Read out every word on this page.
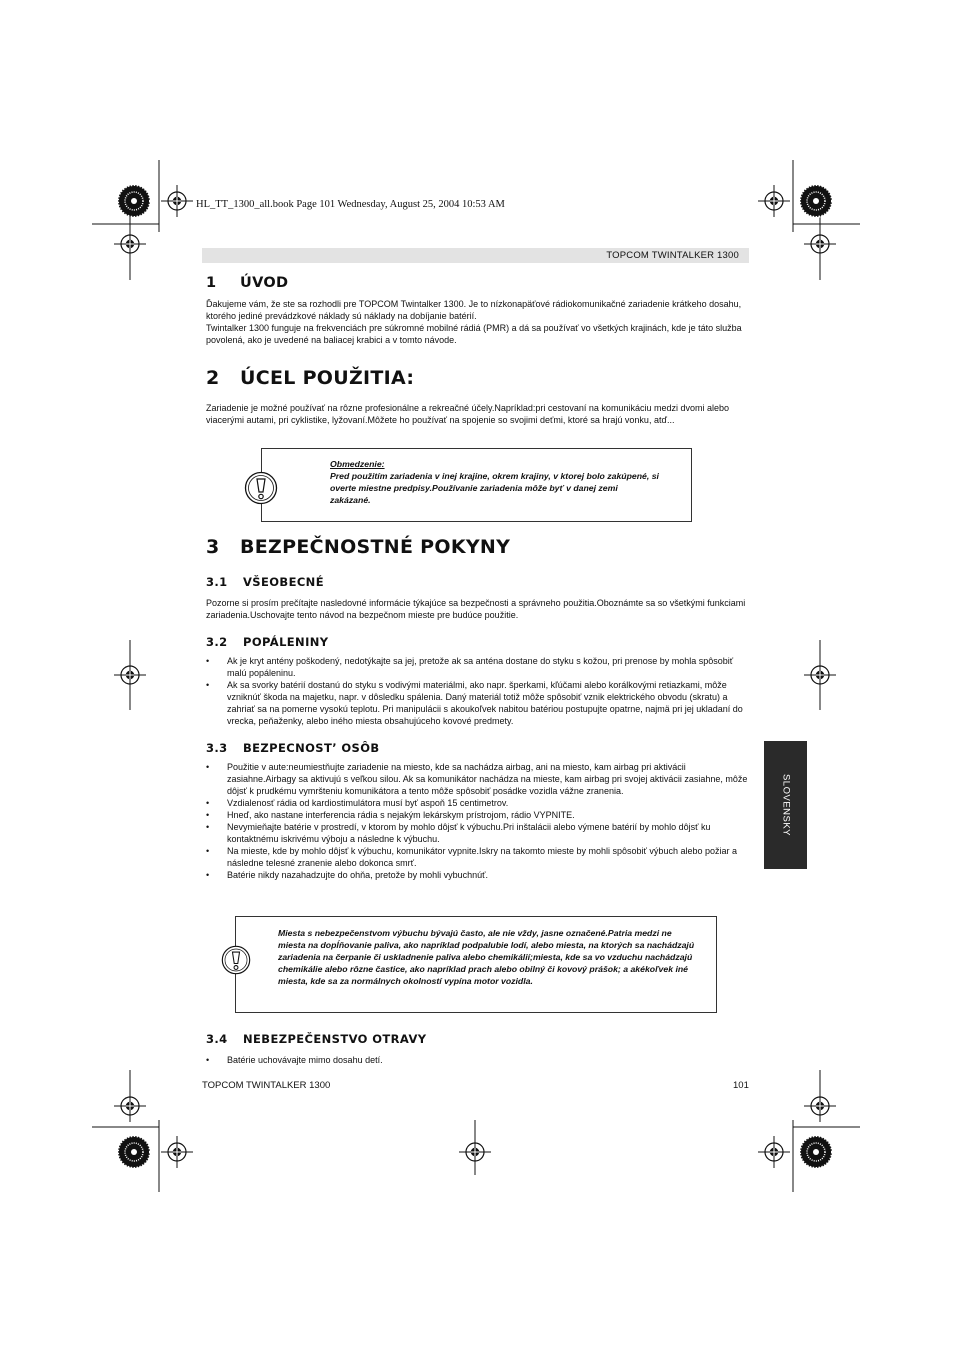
HL_TT_1300_all.book Page 101 Wednesday, August 25, 2004 10:53 AM
TOPCOM TWINTALKER 1300
SLOVENSKY
1 ÚVOD

Ďakujeme vám, že ste sa rozhodli pre TOPCOM Twintalker 1300. Je to nízkonapäťové rádiokomunikačné zariadenie krátkeho dosahu, ktorého jediné prevádzkové náklady sú náklady na dobíjanie batérií.

Twintalker 1300 funguje na frekvenciách pre súkromné mobilné rádiá (PMR) a dá sa používať vo všetkých krajinách, kde je táto služba povolená, ako je uvedené na baliacej krabici a v tomto návode.

2 ÚCEL POUŽITIA:

Zariadenie je možné používať na rôzne profesionálne a rekreačné účely.Napríklad:pri cestovaní na komunikáciu medzi dvomi alebo viacerými autami, pri cyklistike, lyžovaní.Môžete ho používať na spojenie so svojimi deťmi, ktoré sa hrajú vonku, atď...

Obmedzenie:
Pred použitím zariadenia v inej krajine, okrem krajiny, v ktorej bolo zakúpené, si overte miestne predpisy.Používanie zariadenia môže byť v danej zemi zakázané.
3 BEZPEČNOSTNÉ POKYNY
3.1 VŠEOBECNÉ

Pozorne si prosím prečítajte nasledovné informácie týkajúce sa bezpečnosti a správneho použitia.Oboznámte sa so všetkými funkciami zariadenia.Uschovajte tento návod na bezpečnom mieste pre budúce použitie.

3.2 POPÁLENINY
• Ak je kryt antény poškodený, nedotýkajte sa jej, pretože ak sa anténa dostane do styku s kožou, pri prenose by mohla spôsobiť malú popáleninu.
• Ak sa svorky batérií dostanú do styku s vodivými materiálmi, ako napr. šperkami, kľúčami alebo korálkovými retiazkami, môže vzniknúť škoda na majetku, napr. v dôsledku spálenia. Daný materiál totiž môže spôsobiť vznik elektrického obvodu (skratu) a zahriať sa na pomerne vysokú teplotu. Pri manipulácii s akoukoľvek nabitou batériou postupujte opatrne, najmä pri jej ukladaní do vrecka, peňaženky, alebo iného miesta obsahujúceho kovové predmety.
3.3 BEZPECNOSTʼ OSÔB
• Použitie v aute:neumiestňujte zariadenie na miesto, kde sa nachádza airbag, ani na miesto, kam airbag pri aktivácii zasiahne.Airbagy sa aktivujú s veľkou silou. Ak sa komunikátor nachádza na mieste, kam airbag pri svojej aktivácii zasiahne, môže dôjsť k prudkému vymršteniu komunikátora a tento môže spôsobiť posádke vozidla vážne zranenia.
• Vzdialenosť rádia od kardiostimulátora musí byť aspoň 15 centimetrov.
• Hneď, ako nastane interferencia rádia s nejakým lekárskym prístrojom, rádio VYPNITE.
• Nevymieňajte batérie v prostredí, v ktorom by mohlo dôjsť k výbuchu.Pri inštalácii alebo výmene batérií by mohlo dôjsť ku kontaktnému iskrivému výboju a následne k výbuchu.
• Na mieste, kde by mohlo dôjsť k výbuchu, komunikátor vypnite.Iskry na takomto mieste by mohli spôsobiť výbuch alebo požiar a následne telesné zranenie alebo dokonca smrť.
• Batérie nikdy nazahadzujte do ohňa, pretože by mohli vybuchnúť.
Miesta s nebezpečenstvom výbuchu bývajú často, ale nie vždy, jasne označené.Patria medzi ne miesta na dopĺňovanie paliva, ako napríklad podpalubie lodí, alebo miesta, na ktorých sa nachádzajú zariadenia na čerpanie či uskladnenie paliva alebo chemikálií;miesta, kde sa vo vzduchu nachádzajú chemikálie alebo rôzne častice, ako napríklad prach alebo obilný či kovový prášok; a akékoľvek iné miesta, kde sa za normálnych okolností vypína motor vozidla.
3.4 NEBEZPEČENSTVO OTRAVY
• Batérie uchovávajte mimo dosahu detí.
TOPCOM TWINTALKER 1300	101
